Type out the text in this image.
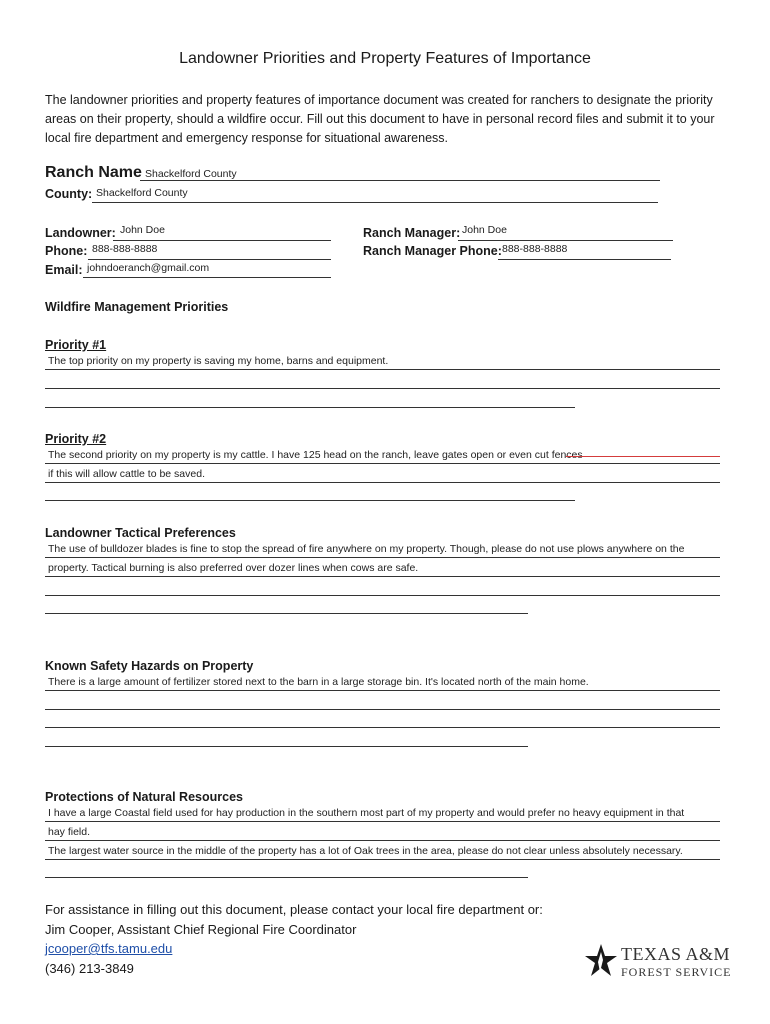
Landowner Priorities and Property Features of Importance
The landowner priorities and property features of importance document was created for ranchers to designate the priority areas on their property, should a wildfire occur. Fill out this document to have in personal record files and submit it to your local fire department and emergency response for situational awareness.
Ranch Name Shackelford County
County: Shackelford County
Landowner: John Doe
Phone: 888-888-8888
Email: johndoeranch@gmail.com
Ranch Manager: John Doe
Ranch Manager Phone: 888-888-8888
Wildfire Management Priorities
Priority #1
The top priority on my property is saving my home, barns and equipment.
Priority #2
The second priority on my property is my cattle. I have 125 head on the ranch, leave gates open or even cut fences
if this will allow cattle to be saved.
Landowner Tactical Preferences
The use of bulldozer blades is fine to stop the spread of fire anywhere on my property. Though, please do not use plows anywhere on the
property. Tactical burning is also preferred over dozer lines when cows are safe.
Known Safety Hazards on Property
There is a large amount of fertilizer stored next to the barn in a large storage bin. It's located north of the main home.
Protections of Natural Resources
I have a large Coastal field used for hay production in the southern most part of my property and would prefer no heavy equipment in that
hay field.
The largest water source in the middle of the property has a lot of Oak trees in the area, please do not clear unless absolutely necessary.
For assistance in filling out this document, please contact your local fire department or:
Jim Cooper, Assistant Chief Regional Fire Coordinator
jcooper@tfs.tamu.edu
(346) 213-3849
TEXAS A&M
FOREST SERVICE
